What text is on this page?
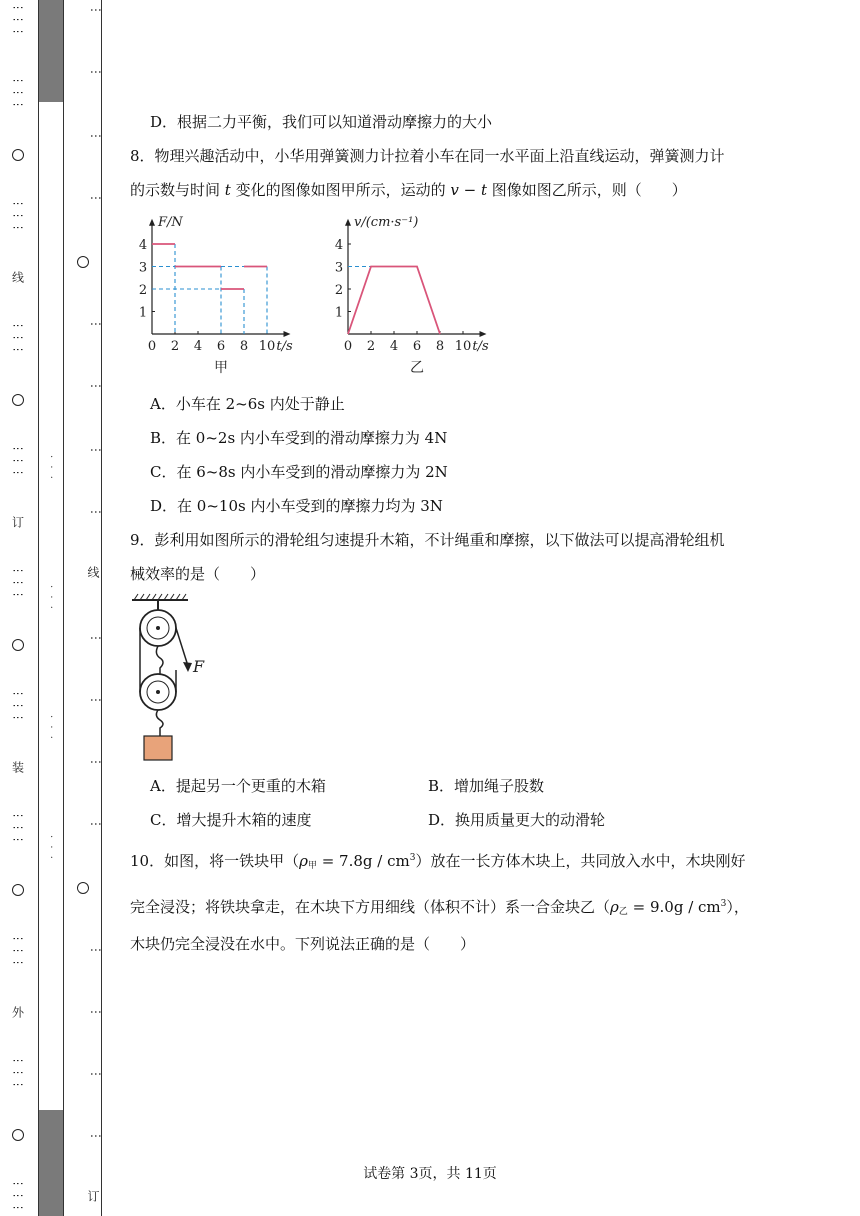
⋮⋮⋮
⋮⋮⋮
⋮⋮⋮
线
⋮⋮⋮
⋮⋮⋮
订
⋮⋮⋮
⋮⋮⋮
装
⋮⋮⋮
⋮⋮⋮
外
⋮⋮⋮
⋮⋮⋮
· · ·
· · ·
· · ·
· · ·
⋮
⋮
⋮
⋮
⋮
⋮
⋮
⋮
线
⋮
⋮
⋮
⋮
⋮
⋮
⋮
⋮
订
D．根据二力平衡，我们可以知道滑动摩擦力的大小
8．物理兴趣活动中，小华用弹簧测力计拉着小车在同一水平面上沿直线运动，弹簧测力计
的示数与时间 t 变化的图像如图甲所示，运动的 v − t 图像如图乙所示，则（　　）
0 2 4 6 8 10
1
2
3
4
F/N
t/s
甲
0 2 4 6 8 10
1
2
3
4
v/(cm·s⁻¹)
t/s
乙
A．小车在 2~6s 内处于静止
B．在 0~2s 内小车受到的滑动摩擦力为 4N
C．在 6~8s 内小车受到的滑动摩擦力为 2N
D．在 0~10s 内小车受到的摩擦力均为 3N
9．彭利用如图所示的滑轮组匀速提升木箱，不计绳重和摩擦，以下做法可以提高滑轮组机
械效率的是（　　）
F
A．提起另一个更重的木箱	B．增加绳子股数
C．增大提升木箱的速度	D．换用质量更大的动滑轮
10．如图，将一铁块甲$(\rho_甲 = 7.8g / cm^3)$放在一长方体木块上，共同放入水中，木块刚好
完全浸没；将铁块拿走，在木块下方用细线（体积不计）系一合金块乙$(\rho_乙 = 9.0g / cm^3)$，
木块仍完全浸没在水中。下列说法正确的是（　　）
试卷第 3页，共 11页
